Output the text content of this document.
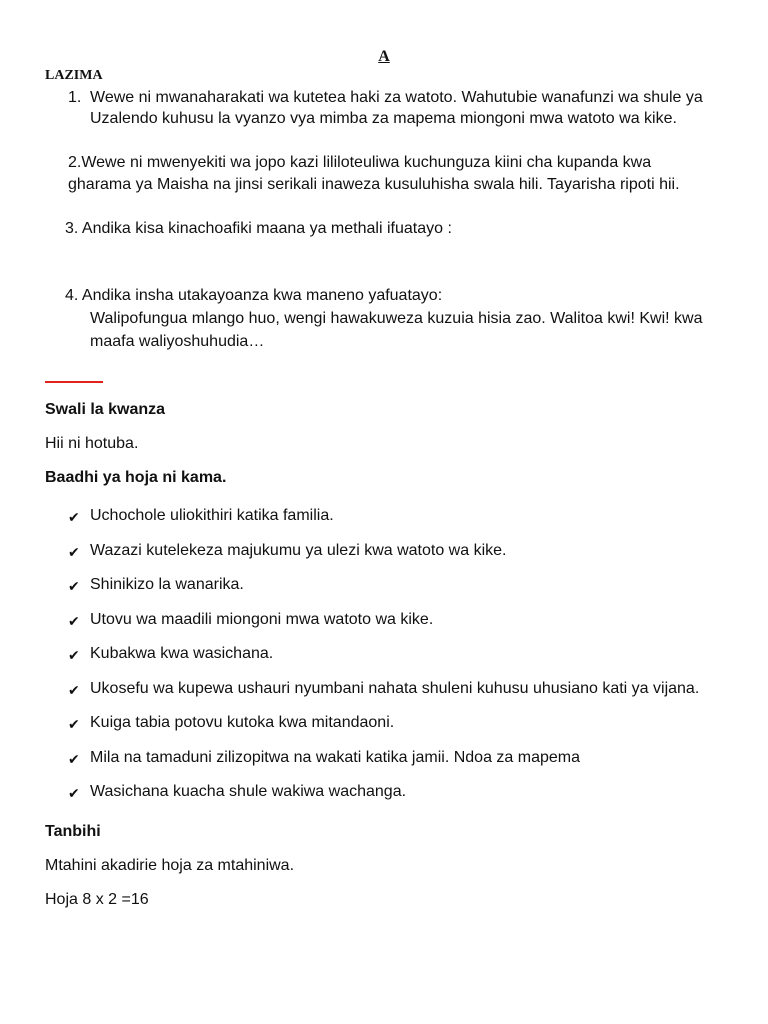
A
LAZIMA
1. Wewe ni mwanaharakati wa kutetea haki za watoto. Wahutubie wanafunzi wa shule ya
Uzalendo kuhusu la vyanzo vya mimba za mapema miongoni mwa watoto wa kike.
2.Wewe ni mwenyekiti wa jopo kazi lililoteuliwa kuchunguza kiini cha kupanda kwa
gharama ya Maisha na jinsi serikali inaweza kusuluhisha swala hili. Tayarisha ripoti hii.
3. Andika kisa kinachoafiki maana ya methali ifuatayo :
4. Andika insha utakayoanza kwa maneno yafuatayo:
Walipofungua mlango huo, wengi hawakuweza kuzuia hisia zao. Walitoa kwi! Kwi! kwa
maafa waliyoshuhudia…
Swali la kwanza
Hii ni hotuba.
Baadhi ya hoja ni kama.
✔ Uchochole uliokithiri katika familia.
✔ Wazazi kutelekeza majukumu ya ulezi kwa watoto wa kike.
✔ Shinikizo la wanarika.
✔ Utovu wa maadili miongoni mwa watoto wa kike.
✔ Kubakwa kwa wasichana.
✔ Ukosefu wa kupewa ushauri nyumbani nahata shuleni kuhusu uhusiano kati ya vijana.
✔ Kuiga tabia potovu kutoka kwa mitandaoni.
✔ Mila na tamaduni zilizopitwa na wakati katika jamii. Ndoa za mapema
✔ Wasichana kuacha shule wakiwa wachanga.
Tanbihi
Mtahini akadirie hoja za mtahiniwa.
Hoja 8 x 2 =16
